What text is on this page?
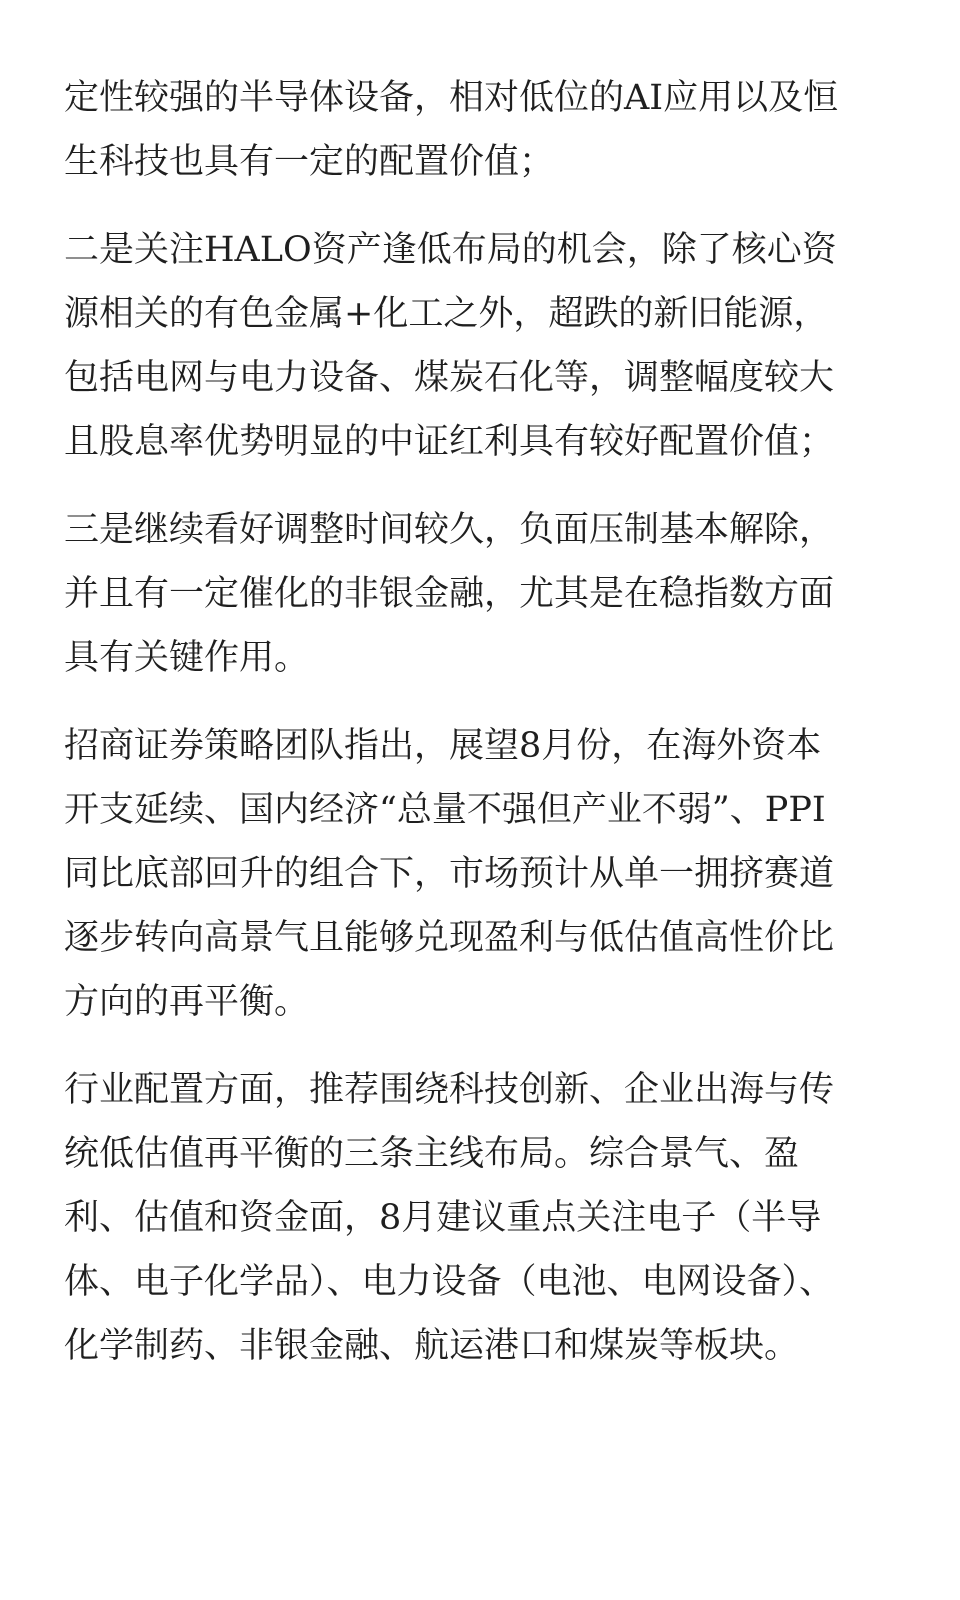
定性较强的半导体设备，相对低位的AI应用以及恒
生科技也具有一定的配置价值；

二是关注HALO资产逢低布局的机会，除了核心资
源相关的有色金属+化工之外，超跌的新旧能源，
包括电网与电力设备、煤炭石化等，调整幅度较大
且股息率优势明显的中证红利具有较好配置价值；

三是继续看好调整时间较久，负面压制基本解除，
并且有一定催化的非银金融，尤其是在稳指数方面
具有关键作用。

招商证券策略团队指出，展望8月份，在海外资本
开支延续、国内经济“总量不强但产业不弱”、PPI
同比底部回升的组合下，市场预计从单一拥挤赛道
逐步转向高景气且能够兑现盈利与低估值高性价比
方向的再平衡。

行业配置方面，推荐围绕科技创新、企业出海与传
统低估值再平衡的三条主线布局。综合景气、盈
利、估值和资金面，8月建议重点关注电子（半导
体、电子化学品）、电力设备（电池、电网设备）、
化学制药、非银金融、航运港口和煤炭等板块。
